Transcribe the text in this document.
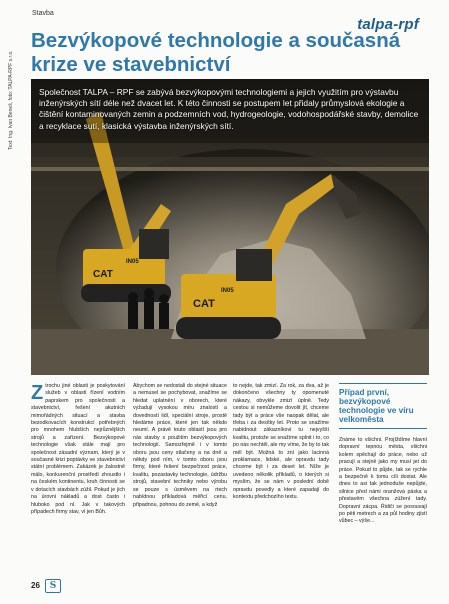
Stavba
talpa-rpf
Bezvýkopové technologie a současná krize ve stavebnictví
Text: Ing. Ivan Beneš, foto: TALPA-RPF s.r.o.
CAT
IN05
CAT
IN05
Společnost TALPA – RPF se zabývá bezvýkopovými technologiemi a jejich využitím pro výstavbu inženýrských sítí déle než dvacet let. K této činnosti se postupem let přidaly průmyslová ekologie a čištění kontaminovaných zemin a podzemních vod, hydrogeologie, vodohospodářské stavby, demolice a recyklace sutí, klasická výstavba inženýrských sítí.
Ztrochu jiné oblasti je poskytování služeb v oblasti řízení vodním paprskem pro společnosti a stavebnictví, řešení akutních mimořádných situací a stavba bezodkovacích konstrukcí potřebných pro mnohem hlubších nejrůznějších strojů a zařízení. Bezvýkopové technologie však stále mají pro společnost zásadní význam, který je v současné krizi poptávky ve stavebnictví státní problémem. Zakázek je žalostně málo, konkurenční prostředí zhoustlo i na českém kontinentu, kruh činnosti se v dotacích stavbách zúžil. Pokud je jich na úrovni nákladů a dost často i hluboko pod ní. Jak v takových případech firmy stav, ví jen Bůh.
Abychom se nedostali do stejné situace a nemusel se pochybovat, snažíme se hledat uplatnění v oborech, které vyžadují vysokou míru znalostí a dovedností lidí, speciální stroje, prostě hledáme práce, které jen tak někdo neumí. A právě touto oblastí jsou pro nás stavby s použitím bezvýkopových technologií. Samozřejmě i v tomto oboru jsou ceny stlačeny a na dně a někdy pod ním, v tomto oboru jsou firmy, které řešení bezpečnost práce, kvalitu, pozastavky technologie, údržbu strojů, stavební techniky nebo výrobu se pouze s úsměvem na rtech nabídnou příkladová měřicí cenu, připadnou, pohnou do země, a když
to nejde, tak zmizí. Za rok, za dva, až je dokončeno všechny ty opomenuté nákazy, obvykle zmizí úplně. Tedy cestou si nemůžeme dovolit jít, chceme tady být a práce vše naopak dělat, ale třeba i za desítky let. Proto se snažíme nabídnout zákazníkovi tu nejvyšší kvalitu, protože se snažíme splnit i to, co po nás nechtěl, ale my víme, že by to tak měl být. Možná to zní jako lacinná proklamace, lidské, ale opravdu tady chceme být i za deset let. Níže je uvedeno několik příkladů, o kterých si myslím, že se nám v poslední době opravdu povedly a které zapadají do kontextu předchozího textu.
Případ první, bezvýkopové technologie ve víru velkoměsta
Známe to všichni. Projíždíme hlavní dopravní tepnou města, všichni kolem spěchají do práce, nebo už pracují a stejně jako my musí jet do práce. Pokud to půjde, tak se rychle a bezpečně k tomu cíli dostat. Ale dnes to asi tak jednoduše nepůjde, silnice před námi oranžová páska a přestavěm všechna zúžení tady. Dopravní zácpa. Řidiči se posouvají po pěti metrech a za půl hodiny zjistí vůbec – výše...
26	S
